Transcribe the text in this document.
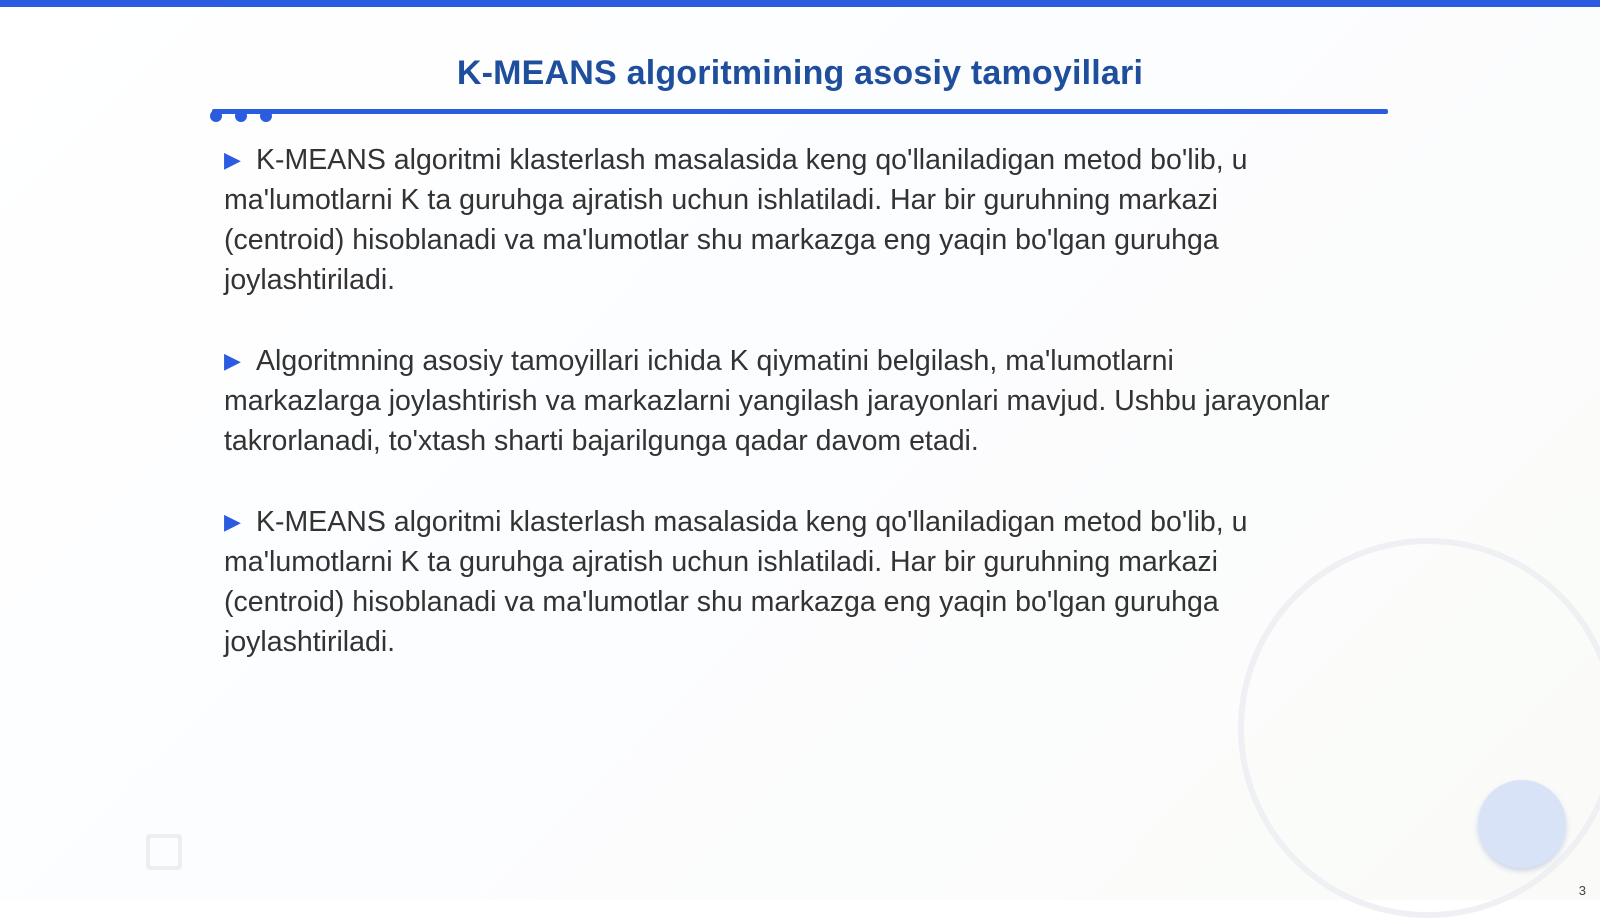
K-MEANS algoritmining asosiy tamoyillari

▶ K-MEANS algoritmi klasterlash masalasida keng qo'llaniladigan metod bo'lib, u ma'lumotlarni K ta guruhga ajratish uchun ishlatiladi. Har bir guruhning markazi (centroid) hisoblanadi va ma'lumotlar shu markazga eng yaqin bo'lgan guruhga joylashtiriladi.

▶ Algoritmning asosiy tamoyillari ichida K qiymatini belgilash, ma'lumotlarni markazlarga joylashtirish va markazlarni yangilash jarayonlari mavjud. Ushbu jarayonlar takrorlanadi, to'xtash sharti bajarilgunga qadar davom etadi.

▶ K-MEANS algoritmi klasterlash masalasida keng qo'llaniladigan metod bo'lib, u ma'lumotlarni K ta guruhga ajratish uchun ishlatiladi. Har bir guruhning markazi (centroid) hisoblanadi va ma'lumotlar shu markazga eng yaqin bo'lgan guruhga joylashtiriladi.

3
